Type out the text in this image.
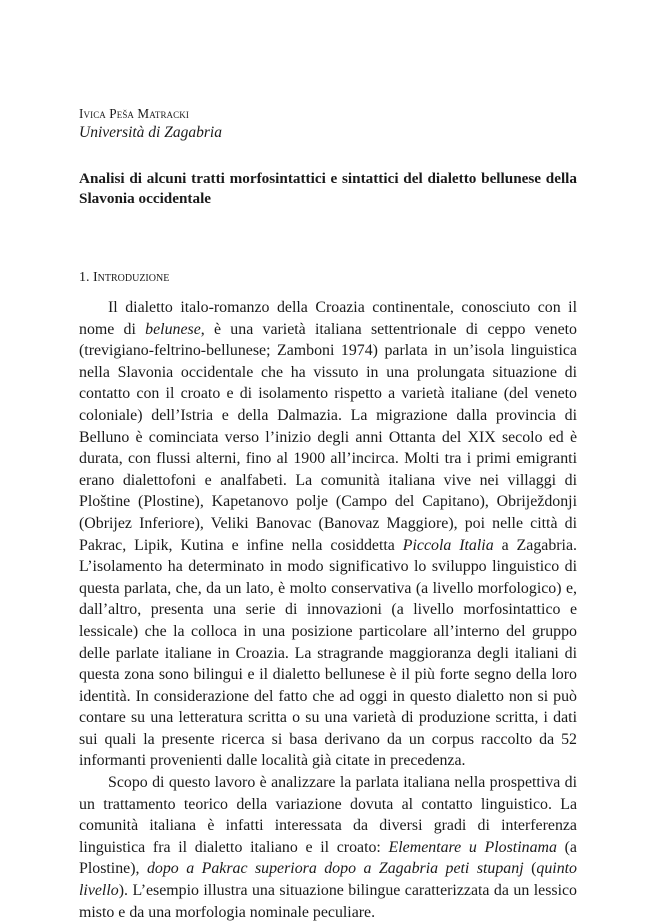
Ivica Peša Matracki
Università di Zagabria
Analisi di alcuni tratti morfosintattici e sintattici del dialetto bellunese della Slavonia occidentale
1. Introduzione

Il dialetto italo-romanzo della Croazia continentale, conosciuto con il nome di belunese, è una varietà italiana settentrionale di ceppo veneto (trevigiano-feltrino-bellunese; Zamboni 1974) parlata in un’isola linguistica nella Slavonia occidentale che ha vissuto in una prolungata situazione di contatto con il croato e di isolamento rispetto a varietà italiane (del veneto coloniale) dell’Istria e della Dalmazia. La migrazione dalla provincia di Belluno è cominciata verso l’inizio degli anni Ottanta del XIX secolo ed è durata, con flussi alterni, fino al 1900 all’incirca. Molti tra i primi emigranti erano dialettofoni e analfabeti. La comunità italiana vive nei villaggi di Ploštine (Plostine), Kapetanovo polje (Campo del Capitano), Obriježdonji (Obrijez Inferiore), Veliki Banovac (Banovaz Maggiore), poi nelle città di Pakrac, Lipik, Kutina e infine nella cosiddetta Piccola Italia a Zagabria. L’isolamento ha determinato in modo significativo lo sviluppo linguistico di questa parlata, che, da un lato, è molto conservativa (a livello morfologico) e, dall’altro, presenta una serie di innovazioni (a livello morfosintattico e lessicale) che la colloca in una posizione particolare all’interno del gruppo delle parlate italiane in Croazia. La stragrande maggioranza degli italiani di questa zona sono bilingui e il dialetto bellunese è il più forte segno della loro identità. In considerazione del fatto che ad oggi in questo dialetto non si può contare su una letteratura scritta o su una varietà di produzione scritta, i dati sui quali la presente ricerca si basa derivano da un corpus raccolto da 52 informanti provenienti dalle località già citate in precedenza.

Scopo di questo lavoro è analizzare la parlata italiana nella prospettiva di un trattamento teorico della variazione dovuta al contatto linguistico. La comunità italiana è infatti interessata da diversi gradi di interferenza linguistica fra il dialetto italiano e il croato: Elementare u Plostinama (a Plostine), dopo a Pakrac superiora dopo a Zagabria peti stupanj (quinto livello). L’esempio illustra una situazione bilingue caratterizzata da un lessico misto e da una morfologia nominale peculiare.
